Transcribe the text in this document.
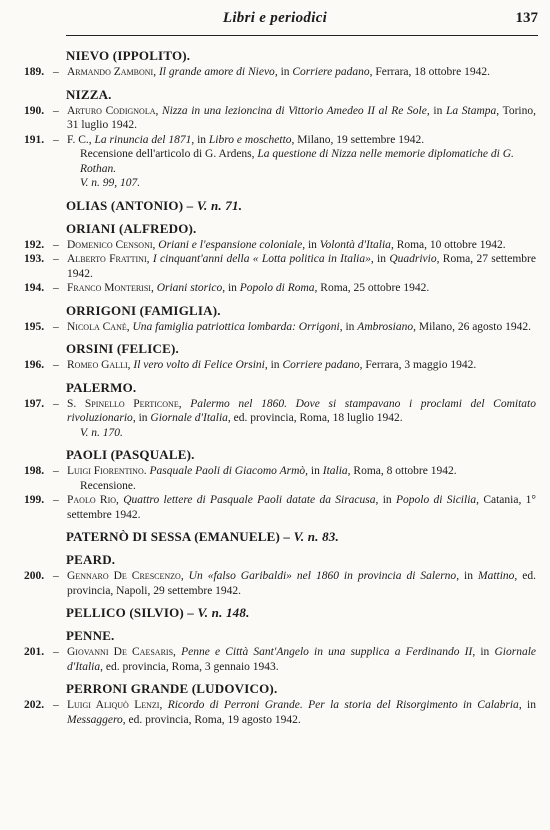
Libri e periodici	137
NIEVO (IPPOLITO).
189. – Armando Zamboni, Il grande amore di Nievo, in Corriere padano, Ferrara, 18 ottobre 1942.
NIZZA.
190. – Arturo Codignola, Nizza in una lezioncina di Vittorio Amedeo II al Re Sole, in La Stampa, Torino, 31 luglio 1942.
191. – F. C., La rinuncia del 1871, in Libro e moschetto, Milano, 19 settembre 1942.
Recensione dell'articolo di G. Ardens, La questione di Nizza nelle memorie diplomatiche di G. Rothan.
V. n. 99, 107.
OLIAS (ANTONIO) – V. n. 71.
ORIANI (ALFREDO).
192. – Domenico Censoni, Oriani e l'espansione coloniale, in Volontà d'Italia, Roma, 10 ottobre 1942.
193. – Alberto Frattini, I cinquant'anni della « Lotta politica in Italia», in Quadrivio, Roma, 27 settembre 1942.
194. – Franco Monterisi, Oriani storico, in Popolo di Roma, Roma, 25 ottobre 1942.
ORRIGONI (FAMIGLIA).
195. – Nicola Canè, Una famiglia patriottica lombarda: Orrigoni, in Ambrosiano, Milano, 26 agosto 1942.
ORSINI (FELICE).
196. – Romeo Galli, Il vero volto di Felice Orsini, in Corriere padano, Ferrara, 3 maggio 1942.
PALERMO.
197. – S. Spinello Perticone, Palermo nel 1860. Dove si stampavano i proclami del Comitato rivoluzionario, in Giornale d'Italia, ed. provincia, Roma, 18 luglio 1942.
V. n. 170.
PAOLI (PASQUALE).
198. – Luigi Fiorentino. Pasquale Paoli di Giacomo Armò, in Italia, Roma, 8 ottobre 1942.
Recensione.
199. – Paolo Rio, Quattro lettere di Pasquale Paoli datate da Siracusa, in Popolo di Sicilia, Catania, 1° settembre 1942.
PATERNÒ DI SESSA (EMANUELE) – V. n. 83.
PEARD.
200. – Gennaro De Crescenzo, Un «falso Garibaldi» nel 1860 in provincia di Salerno, in Mattino, ed. provincia, Napoli, 29 settembre 1942.
PELLICO (SILVIO) – V. n. 148.
PENNE.
201. – Giovanni De Caesaris, Penne e Città Sant'Angelo in una supplica a Ferdinando II, in Giornale d'Italia, ed. provincia, Roma, 3 gennaio 1943.
PERRONI GRANDE (LUDOVICO).
202. – Luigi Aliquò Lenzi, Ricordo di Perroni Grande. Per la storia del Risorgimento in Calabria, in Messaggero, ed. provincia, Roma, 19 agosto 1942.
